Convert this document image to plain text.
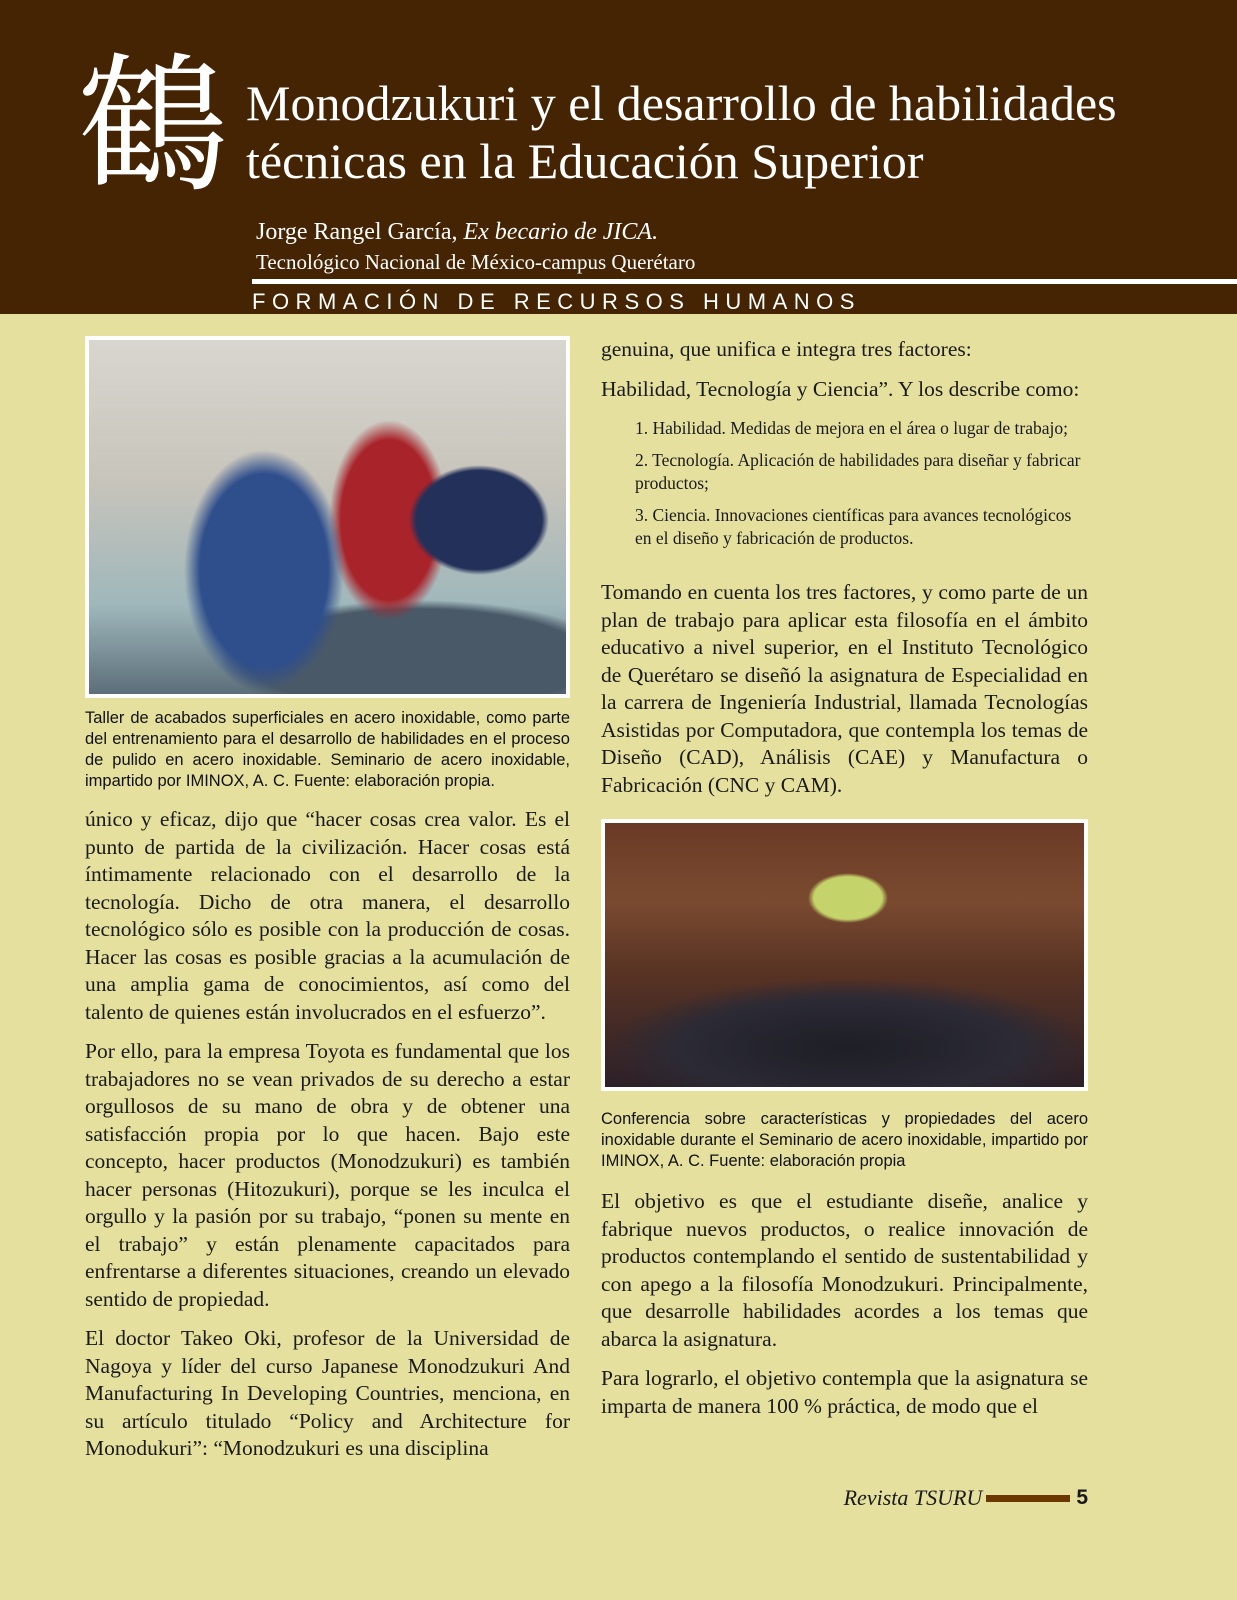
鶴 Monodzukuri y el desarrollo de habilidades
técnicas en la Educación Superior
Jorge Rangel García, Ex becario de JICA.
Tecnológico Nacional de México-campus Querétaro
FORMACIÓN DE RECURSOS HUMANOS

Taller de acabados superficiales en acero inoxidable, como parte del entrenamiento para el desarrollo de habilidades en el proceso de pulido en acero inoxidable. Seminario de acero inoxidable, impartido por IMINOX, A. C. Fuente: elaboración propia.

único y eficaz, dijo que “hacer cosas crea valor. Es el punto de partida de la civilización. Hacer cosas está íntimamente relacionado con el desarrollo de la tecnología. Dicho de otra manera, el desarrollo tecnológico sólo es posible con la producción de cosas. Hacer las cosas es posible gracias a la acumulación de una amplia gama de conocimientos, así como del talento de quienes están involucrados en el esfuerzo”.

Por ello, para la empresa Toyota es fundamental que los trabajadores no se vean privados de su derecho a estar orgullosos de su mano de obra y de obtener una satisfacción propia por lo que hacen. Bajo este concepto, hacer productos (Monodzukuri) es también hacer personas (Hitozukuri), porque se les inculca el orgullo y la pasión por su trabajo, “ponen su mente en el trabajo” y están plenamente capacitados para enfrentarse a diferentes situaciones, creando un elevado sentido de propiedad.

El doctor Takeo Oki, profesor de la Universidad de Nagoya y líder del curso Japanese Monodzukuri And Manufacturing In Developing Countries, menciona, en su artículo titulado “Policy and Architecture for Monodukuri”: “Monodzukuri es una disciplina

genuina, que unifica e integra tres factores:

Habilidad, Tecnología y Ciencia”. Y los describe como:

1. Habilidad. Medidas de mejora en el área o lugar de trabajo;
2. Tecnología. Aplicación de habilidades para diseñar y fabricar productos;
3. Ciencia. Innovaciones científicas para avances tecnológicos en el diseño y fabricación de productos.

Tomando en cuenta los tres factores, y como parte de un plan de trabajo para aplicar esta filosofía en el ámbito educativo a nivel superior, en el Instituto Tecnológico de Querétaro se diseñó la asignatura de Especialidad en la carrera de Ingeniería Industrial, llamada Tecnologías Asistidas por Computadora, que contempla los temas de Diseño (CAD), Análisis (CAE) y Manufactura o Fabricación (CNC y CAM).

Conferencia sobre características y propiedades del acero inoxidable durante el Seminario de acero inoxidable, impartido por IMINOX, A. C. Fuente: elaboración propia

El objetivo es que el estudiante diseñe, analice y fabrique nuevos productos, o realice innovación de productos contemplando el sentido de sustentabilidad y con apego a la filosofía Monodzukuri. Principalmente, que desarrolle habilidades acordes a los temas que abarca la asignatura.

Para lograrlo, el objetivo contempla que la asignatura se imparta de manera 100 % práctica, de modo que el

Revista TSURU	5
